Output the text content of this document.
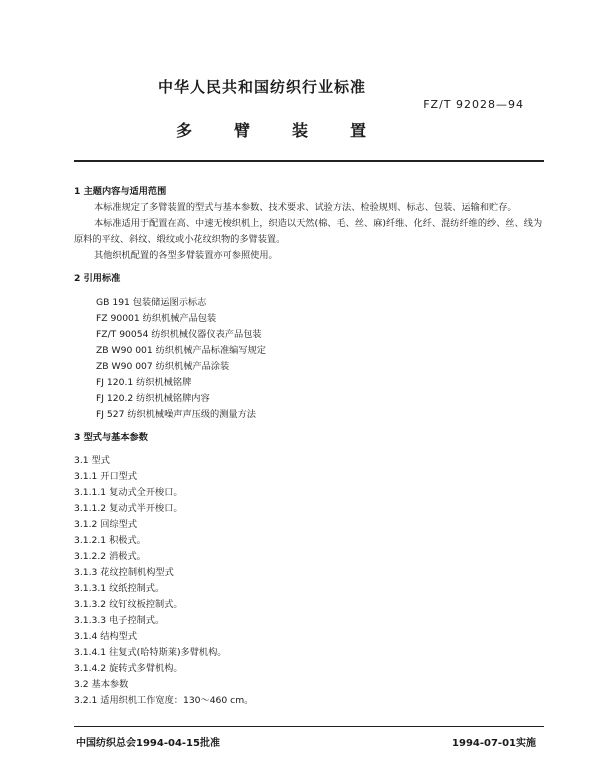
中华人民共和国纺织行业标准
FZ/T 92028—94
多	臂	装	置

1 主题内容与适用范围

本标准规定了多臂装置的型式与基本参数、技术要求、试验方法、检验规则、标志、包装、运输和贮存。

本标准适用于配置在高、中速无梭织机上，织造以天然(棉、毛、丝、麻)纤维、化纤、混纺纤维的纱、丝、线为原料的平纹、斜纹、缎纹或小花纹织物的多臂装置。

其他织机配置的各型多臂装置亦可参照使用。

2 引用标准

GB 191 包装储运图示标志
FZ 90001 纺织机械产品包装
FZ/T 90054 纺织机械仪器仪表产品包装
ZB W90 001 纺织机械产品标准编写规定
ZB W90 007 纺织机械产品涂装
FJ 120.1 纺织机械铭牌
FJ 120.2 纺织机械铭牌内容
FJ 527 纺织机械噪声声压级的测量方法

3 型式与基本参数

3.1 型式
3.1.1 开口型式
3.1.1.1 复动式全开梭口。
3.1.1.2 复动式半开梭口。
3.1.2 回综型式
3.1.2.1 积极式。
3.1.2.2 消极式。
3.1.3 花纹控制机构型式
3.1.3.1 纹纸控制式。
3.1.3.2 纹钉纹板控制式。
3.1.3.3 电子控制式。
3.1.4 结构型式
3.1.4.1 往复式(哈特斯莱)多臂机构。
3.1.4.2 旋转式多臂机构。
3.2 基本参数
3.2.1 适用织机工作宽度：130～460 cm。
中国纺织总会1994-04-15批准	1994-07-01实施
